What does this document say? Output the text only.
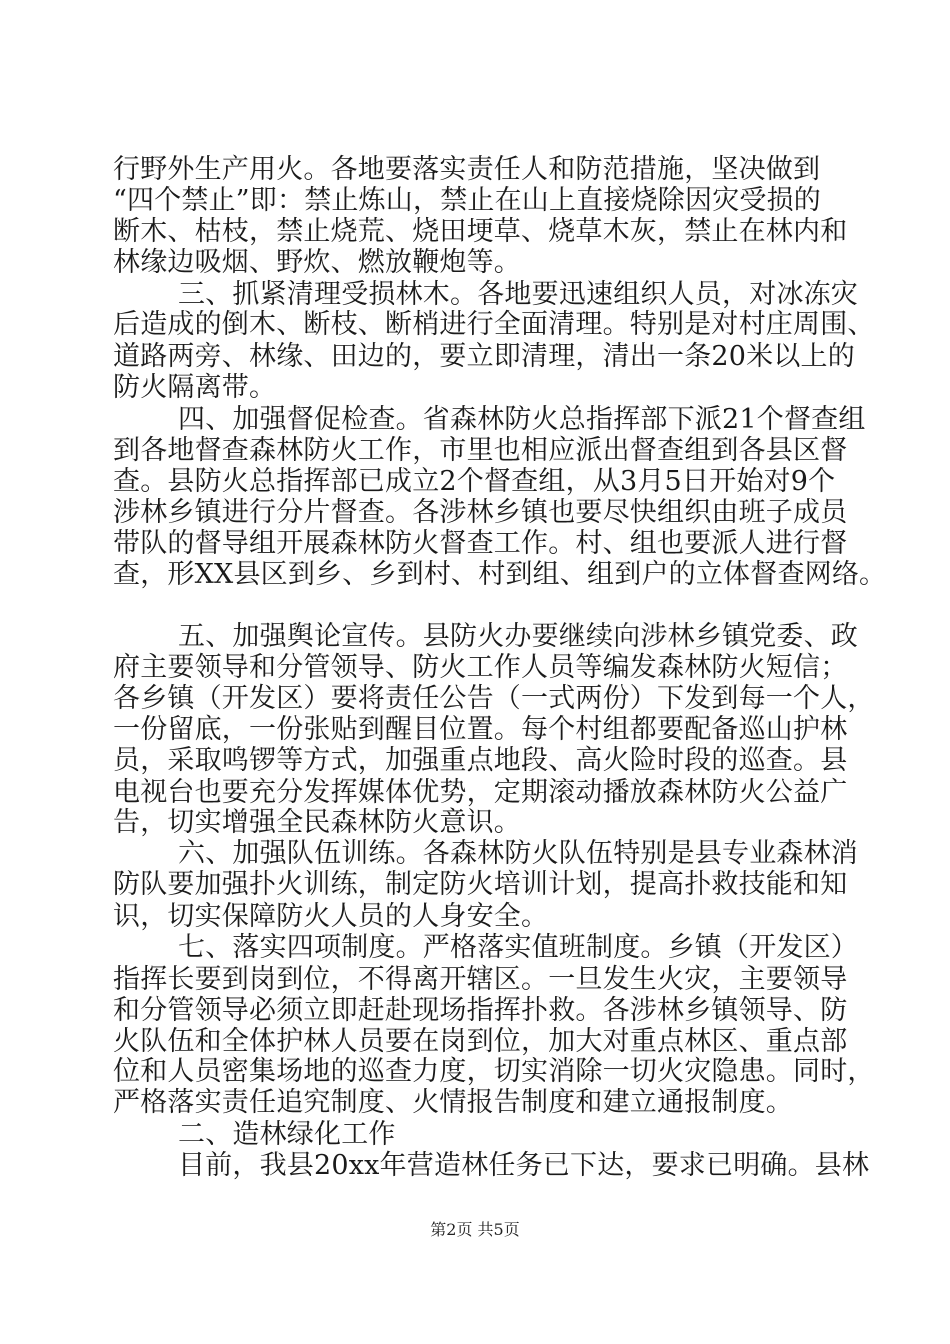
行野外生产用火。各地要落实责任人和防范措施，坚决做到
“四个禁止”即：禁止炼山，禁止在山上直接烧除因灾受损的
断木、枯枝，禁止烧荒、烧田埂草、烧草木灰，禁止在林内和
林缘边吸烟、野炊、燃放鞭炮等。
三、抓紧清理受损林木。各地要迅速组织人员，对冰冻灾
后造成的倒木、断枝、断梢进行全面清理。特别是对村庄周围、
道路两旁、林缘、田边的，要立即清理，清出一条20米以上的
防火隔离带。
四、加强督促检查。省森林防火总指挥部下派21个督查组
到各地督查森林防火工作，市里也相应派出督查组到各县区督
查。县防火总指挥部已成立2个督查组，从3月5日开始对9个
涉林乡镇进行分片督查。各涉林乡镇也要尽快组织由班子成员
带队的督导组开展森林防火督查工作。村、组也要派人进行督
查，形XX县区到乡、乡到村、村到组、组到户的立体督查网络。
五、加强舆论宣传。县防火办要继续向涉林乡镇党委、政
府主要领导和分管领导、防火工作人员等编发森林防火短信；
各乡镇（开发区）要将责任公告（一式两份）下发到每一个人，
一份留底，一份张贴到醒目位置。每个村组都要配备巡山护林
员，采取鸣锣等方式，加强重点地段、高火险时段的巡查。县
电视台也要充分发挥媒体优势，定期滚动播放森林防火公益广
告，切实增强全民森林防火意识。
六、加强队伍训练。各森林防火队伍特别是县专业森林消
防队要加强扑火训练，制定防火培训计划，提高扑救技能和知
识，切实保障防火人员的人身安全。
七、落实四项制度。严格落实值班制度。乡镇（开发区）
指挥长要到岗到位，不得离开辖区。一旦发生火灾，主要领导
和分管领导必须立即赶赴现场指挥扑救。各涉林乡镇领导、防
火队伍和全体护林人员要在岗到位，加大对重点林区、重点部
位和人员密集场地的巡查力度，切实消除一切火灾隐患。同时，
严格落实责任追究制度、火情报告制度和建立通报制度。
二、造林绿化工作
目前，我县20xx年营造林任务已下达，要求已明确。县林
第2页 共5页
